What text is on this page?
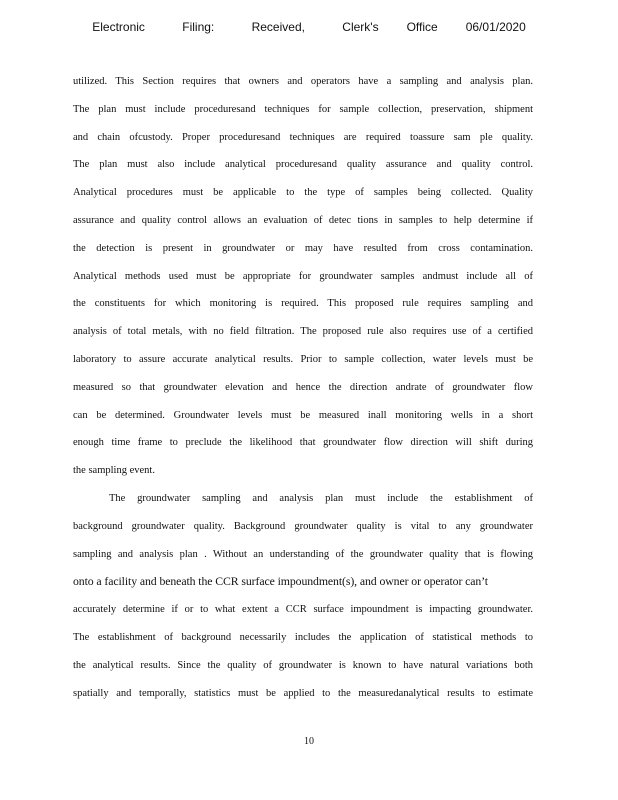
Electronic    Filing:    Received,    Clerk's   Office   06/01/2020
utilized. This Section requires that owners and operators have a sampling and analysis plan.
The plan must include proceduresand techniques for sample collection, preservation, shipment
and chain ofcustody. Proper proceduresand techniques are required toassure sam ple quality.
The plan must also include analytical proceduresand quality assurance and quality control.
Analytical procedures must be applicable to the type of samples being collected. Quality
assurance and quality control allows an evaluation of detec tions in samples to help determine if
the detection is present in groundwater or may have resulted from cross contamination.
Analytical methods used must be appropriate for groundwater samples andmust include all of
the constituents for which monitoring is required. This proposed rule requires sampling and
analysis of total metals, with no field filtration. The proposed rule also requires use of a certified
laboratory to assure accurate analytical results. Prior to sample collection, water levels must be
measured so that groundwater elevation and hence the direction andrate of groundwater flow
can be determined. Groundwater levels must be measured inall monitoring wells in a short
enough time frame to preclude the likelihood that groundwater flow direction will shift during
the sampling event.
The groundwater sampling and analysis plan must include the establishment of
background groundwater quality. Background groundwater quality is vital to any groundwater
sampling and analysis plan . Without an understanding of the groundwater quality that is flowing
onto a facility and beneath the CCR surface impoundment(s), and owner or operator can’t
accurately determine if or to what extent a CCR surface impoundment is impacting groundwater.
The establishment of background necessarily includes the application of statistical methods to
the analytical results. Since the quality of groundwater is known to have natural variations both
spatially and temporally, statistics must be applied to the measuredanalytical results to estimate
10
